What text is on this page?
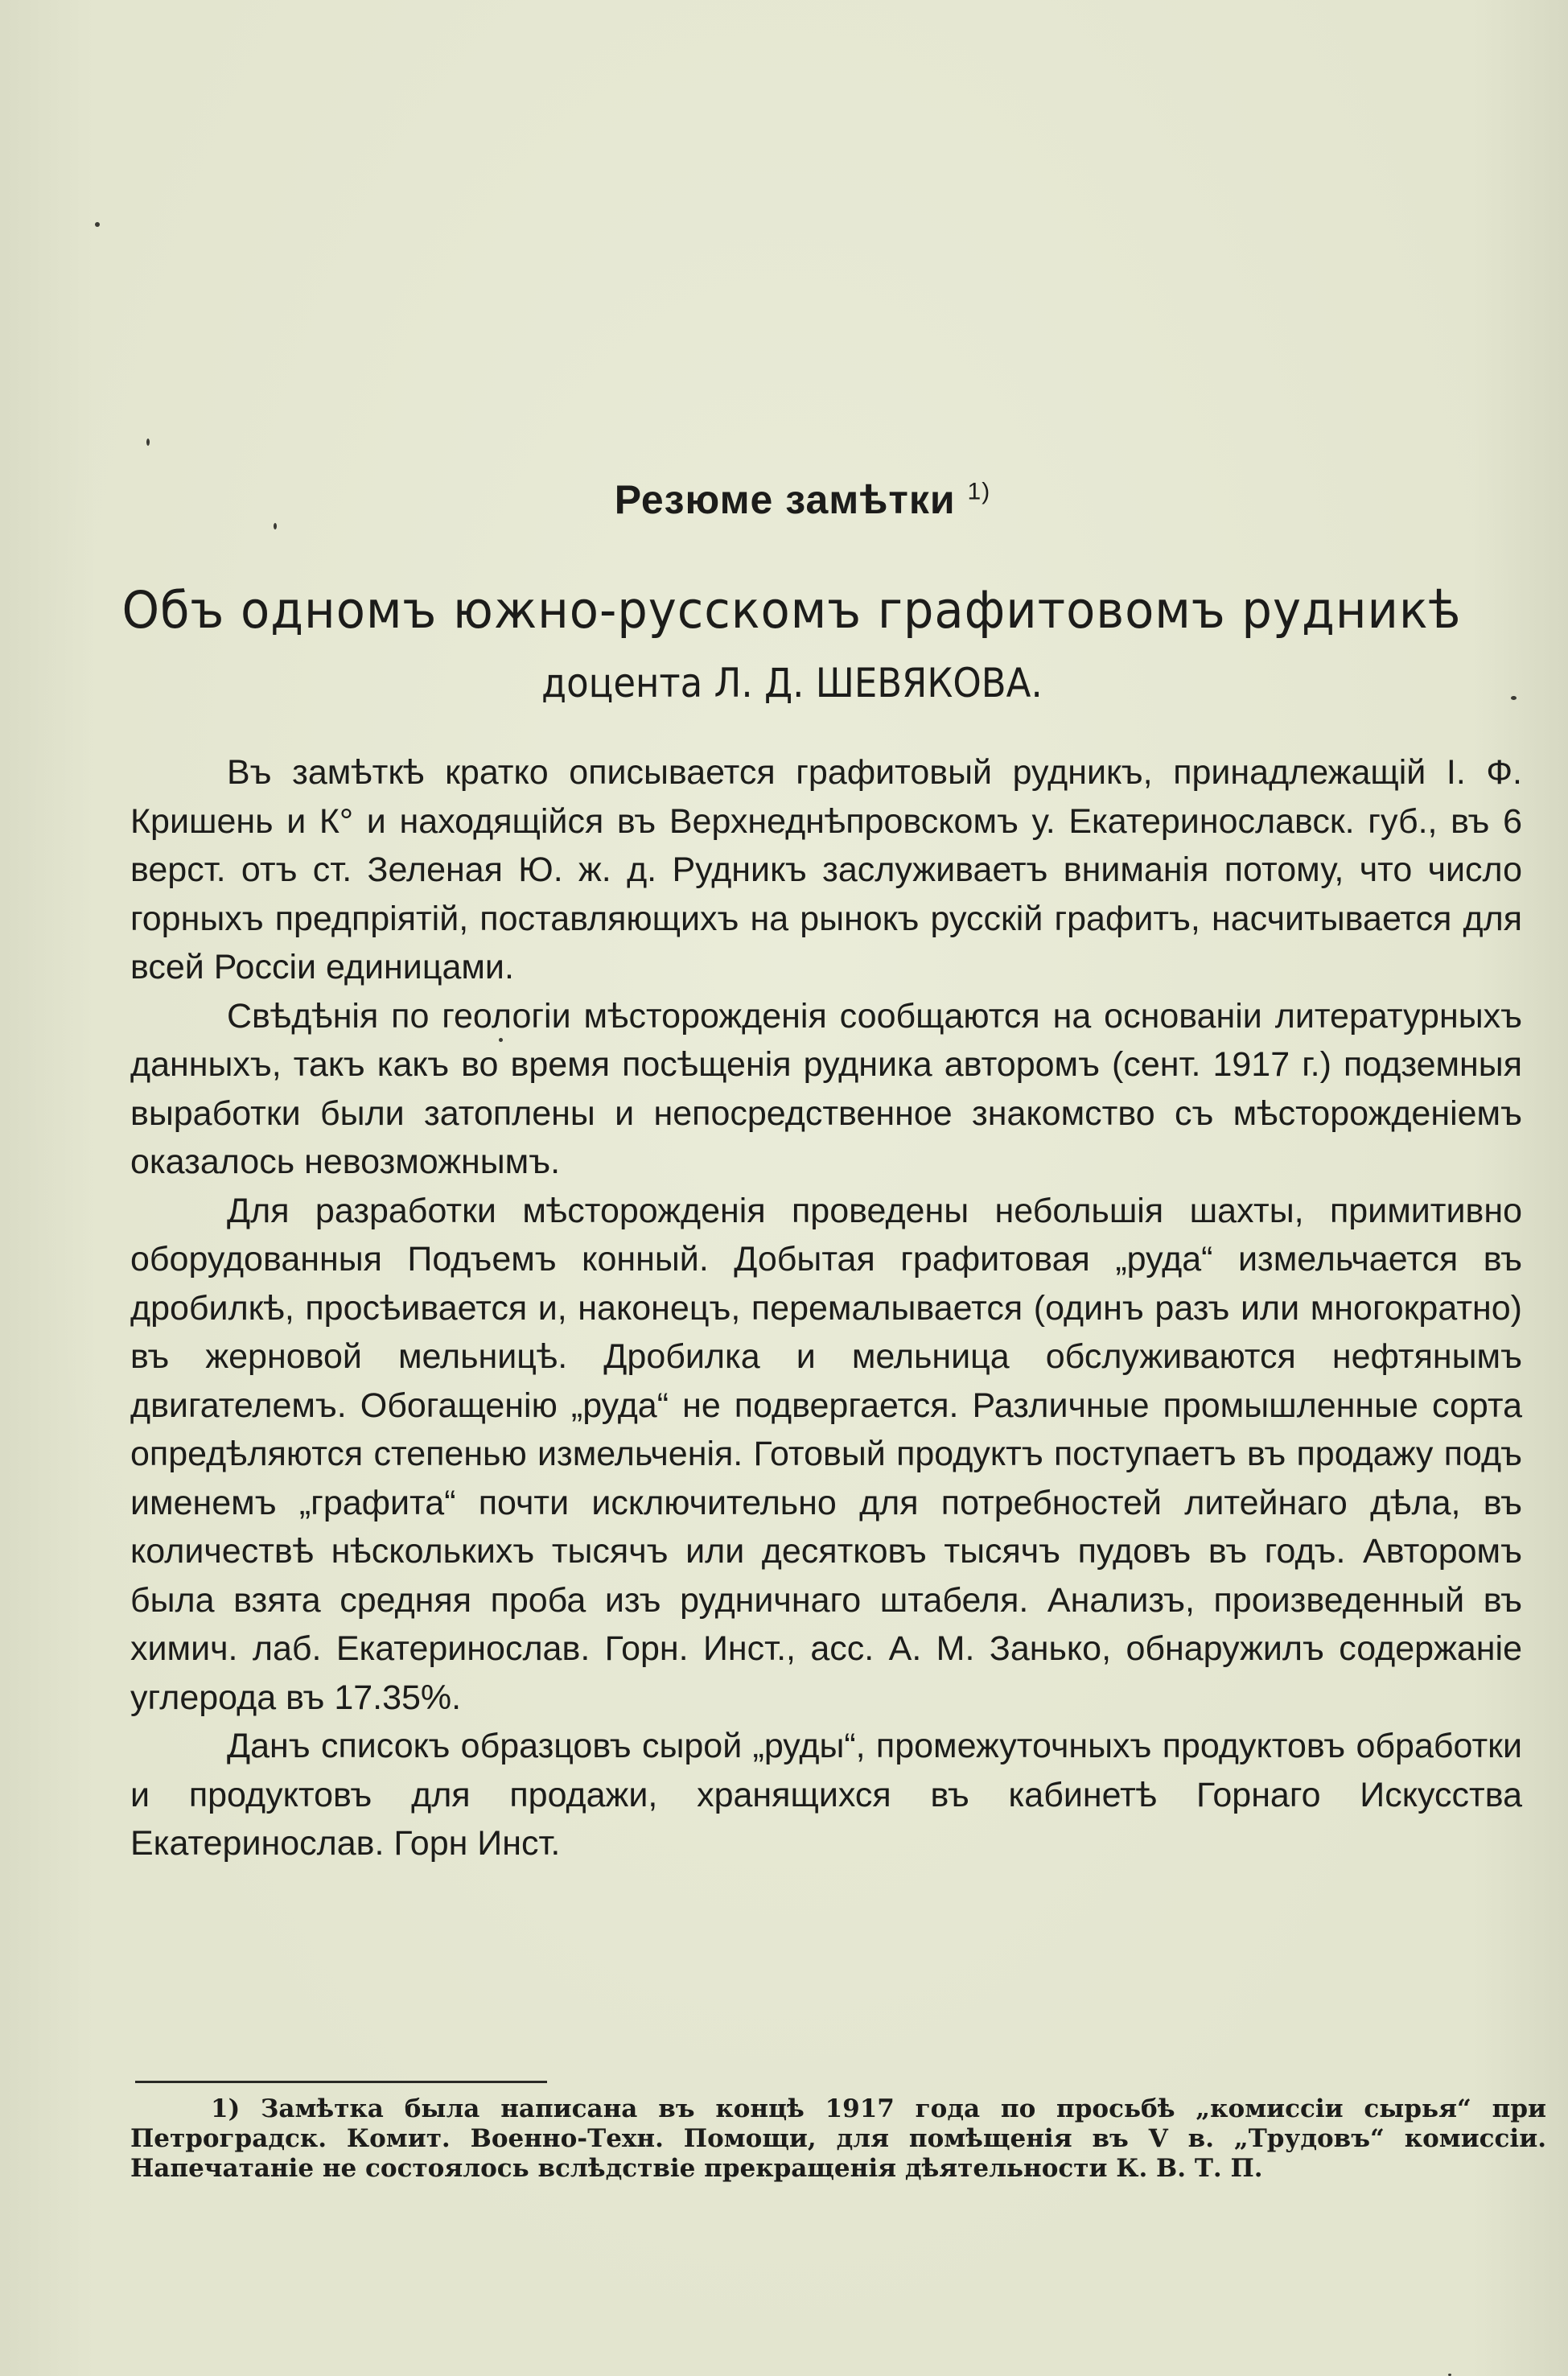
Резюме замѣтки $^{1)}$
Объ одномъ южно-русскомъ графитовомъ рудникѣ
доцента Л. Д. ШЕВЯКОВА.

Въ замѣткѣ кратко описывается графитовый рудникъ, принадлежащій І. Ф. Кришень и К° и находящійся въ Верхнеднѣпровскомъ у. Екатеринославск. губ., въ 6 верст. отъ ст. Зеленая Ю. ж. д. Рудникъ заслуживаетъ вниманія потому, что число горныхъ предпріятій, поставляющихъ на рынокъ русскій графитъ, насчитывается для всей Россіи единицами.

Свѣдѣнія по геологіи мѣсторожденія сообщаются на основаніи литературныхъ данныхъ, такъ какъ во время посѣщенія рудника авторомъ (сент. 1917 г.) подземныя выработки были затоплены и непосредственное знакомство съ мѣсторожденіемъ оказалось невозможнымъ.

Для разработки мѣсторожденія проведены небольшія шахты, примитивно оборудованныя Подъемъ конный. Добытая графитовая „руда“ измельчается въ дробилкѣ, просѣивается и, наконецъ, перемалывается (одинъ разъ или многократно) въ жерновой мельницѣ. Дробилка и мельница обслуживаются нефтянымъ двигателемъ. Обогащенію „руда“ не подвергается. Различные промышленные сорта опредѣляются степенью измельченія. Готовый продуктъ поступаетъ въ продажу подъ именемъ „графита“ почти исключительно для потребностей литейнаго дѣла, въ количествѣ нѣсколькихъ тысячъ или десятковъ тысячъ пудовъ въ годъ. Авторомъ была взята средняя проба изъ рудничнаго штабеля. Анализъ, произведенный въ химич. лаб. Екатеринослав. Горн. Инст., асс. А. М. Занько, обнаружилъ содержаніе углерода въ 17.35%.

Данъ списокъ образцовъ сырой „руды“, промежуточныхъ продуктовъ обработки и продуктовъ для продажи, хранящихся въ кабинетѣ Горнаго Искусства Екатеринослав. Горн Инст.

1) Замѣтка была написана въ концѣ 1917 года по просьбѣ „комиссіи сырья“ при Петроградск. Комит. Военно-Техн. Помощи, для помѣщенія въ V в. „Трудовъ“ комиссіи. Напечатаніе не состоялось вслѣдствіе прекращенія дѣятельности К. В. Т. П.
